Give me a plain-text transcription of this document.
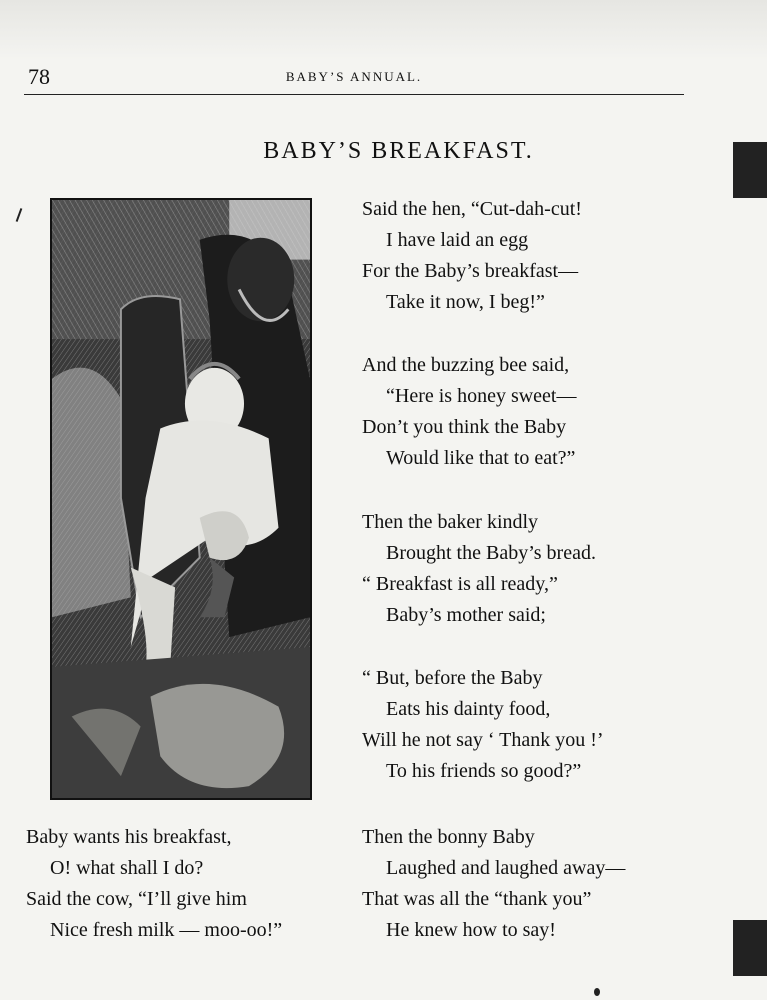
78	BABY’S ANNUAL.
BABY’S BREAKFAST.
Said the hen, “Cut-dah-cut!
I have laid an egg
For the Baby’s breakfast—
Take it now, I beg!”
And the buzzing bee said,
“Here is honey sweet—
Don’t you think the Baby
Would like that to eat?”
Then the baker kindly
Brought the Baby’s bread.
“ Breakfast is all ready,”
Baby’s mother said;
“ But, before the Baby
Eats his dainty food,
Will he not say ‘ Thank you !’
To his friends so good?”
Then the bonny Baby
Laughed and laughed away—
That was all the “thank you”
He knew how to say!
Baby wants his breakfast,
O! what shall I do?
Said the cow, “I’ll give him
Nice fresh milk — moo-oo!”
